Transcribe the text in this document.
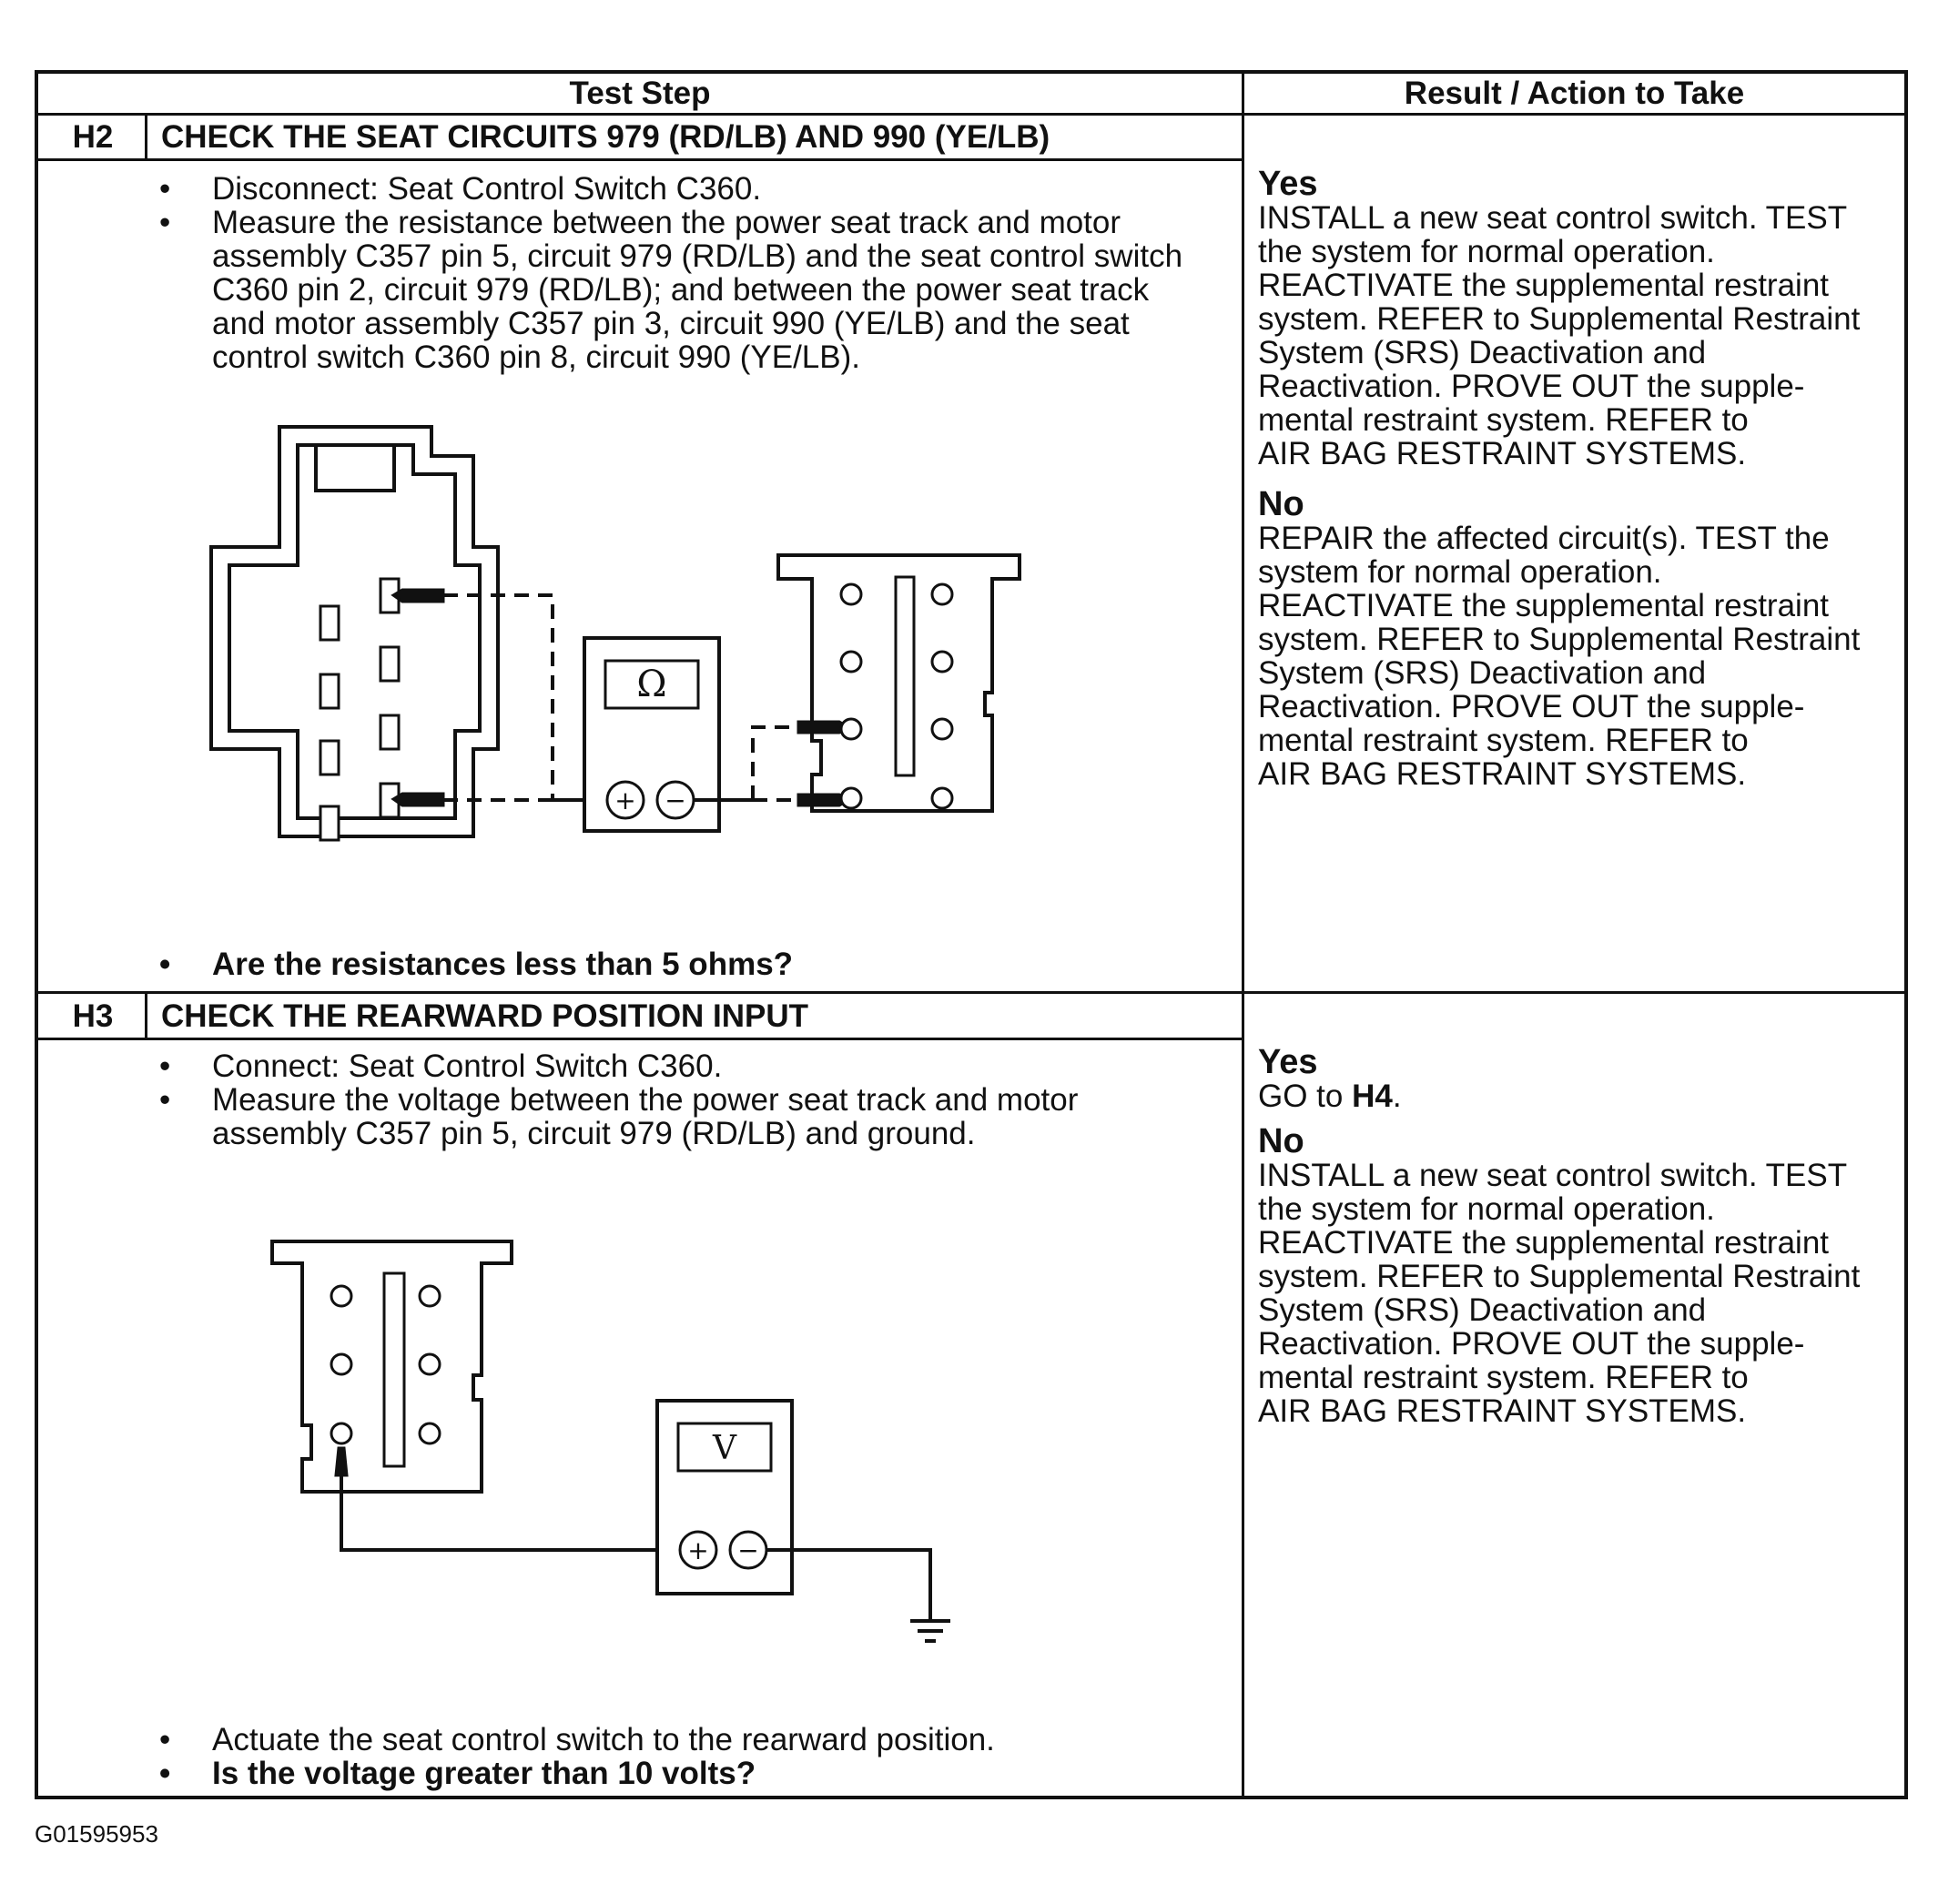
Test Step	Result / Action to Take
H2	CHECK THE SEAT CIRCUITS 979 (RD/LB) AND 990 (YE/LB)
• Disconnect: Seat Control Switch C360.
• Measure the resistance between the power seat track and motor assembly C357 pin 5, circuit 979 (RD/LB) and the seat control switch C360 pin 2, circuit 979 (RD/LB); and between the power seat track and motor assembly C357 pin 3, circuit 990 (YE/LB) and the seat control switch C360 pin 8, circuit 990 (YE/LB).
Ω
+ −
• Are the resistances less than 5 ohms?
Yes
INSTALL a new seat control switch. TEST
the system for normal operation.
REACTIVATE the supplemental restraint
system. REFER to Supplemental Restraint
System (SRS) Deactivation and
Reactivation. PROVE OUT the supple-
mental restraint system. REFER to
AIR BAG RESTRAINT SYSTEMS.
No
REPAIR the affected circuit(s). TEST the
system for normal operation.
REACTIVATE the supplemental restraint
system. REFER to Supplemental Restraint
System (SRS) Deactivation and
Reactivation. PROVE OUT the supple-
mental restraint system. REFER to
AIR BAG RESTRAINT SYSTEMS.
H3	CHECK THE REARWARD POSITION INPUT
• Connect: Seat Control Switch C360.
• Measure the voltage between the power seat track and motor assembly C357 pin 5, circuit 979 (RD/LB) and ground.
V
+ −
• Actuate the seat control switch to the rearward position.
• Is the voltage greater than 10 volts?
Yes
GO to H4.
No
INSTALL a new seat control switch. TEST
the system for normal operation.
REACTIVATE the supplemental restraint
system. REFER to Supplemental Restraint
System (SRS) Deactivation and
Reactivation. PROVE OUT the supple-
mental restraint system. REFER to
AIR BAG RESTRAINT SYSTEMS.
G01595953
